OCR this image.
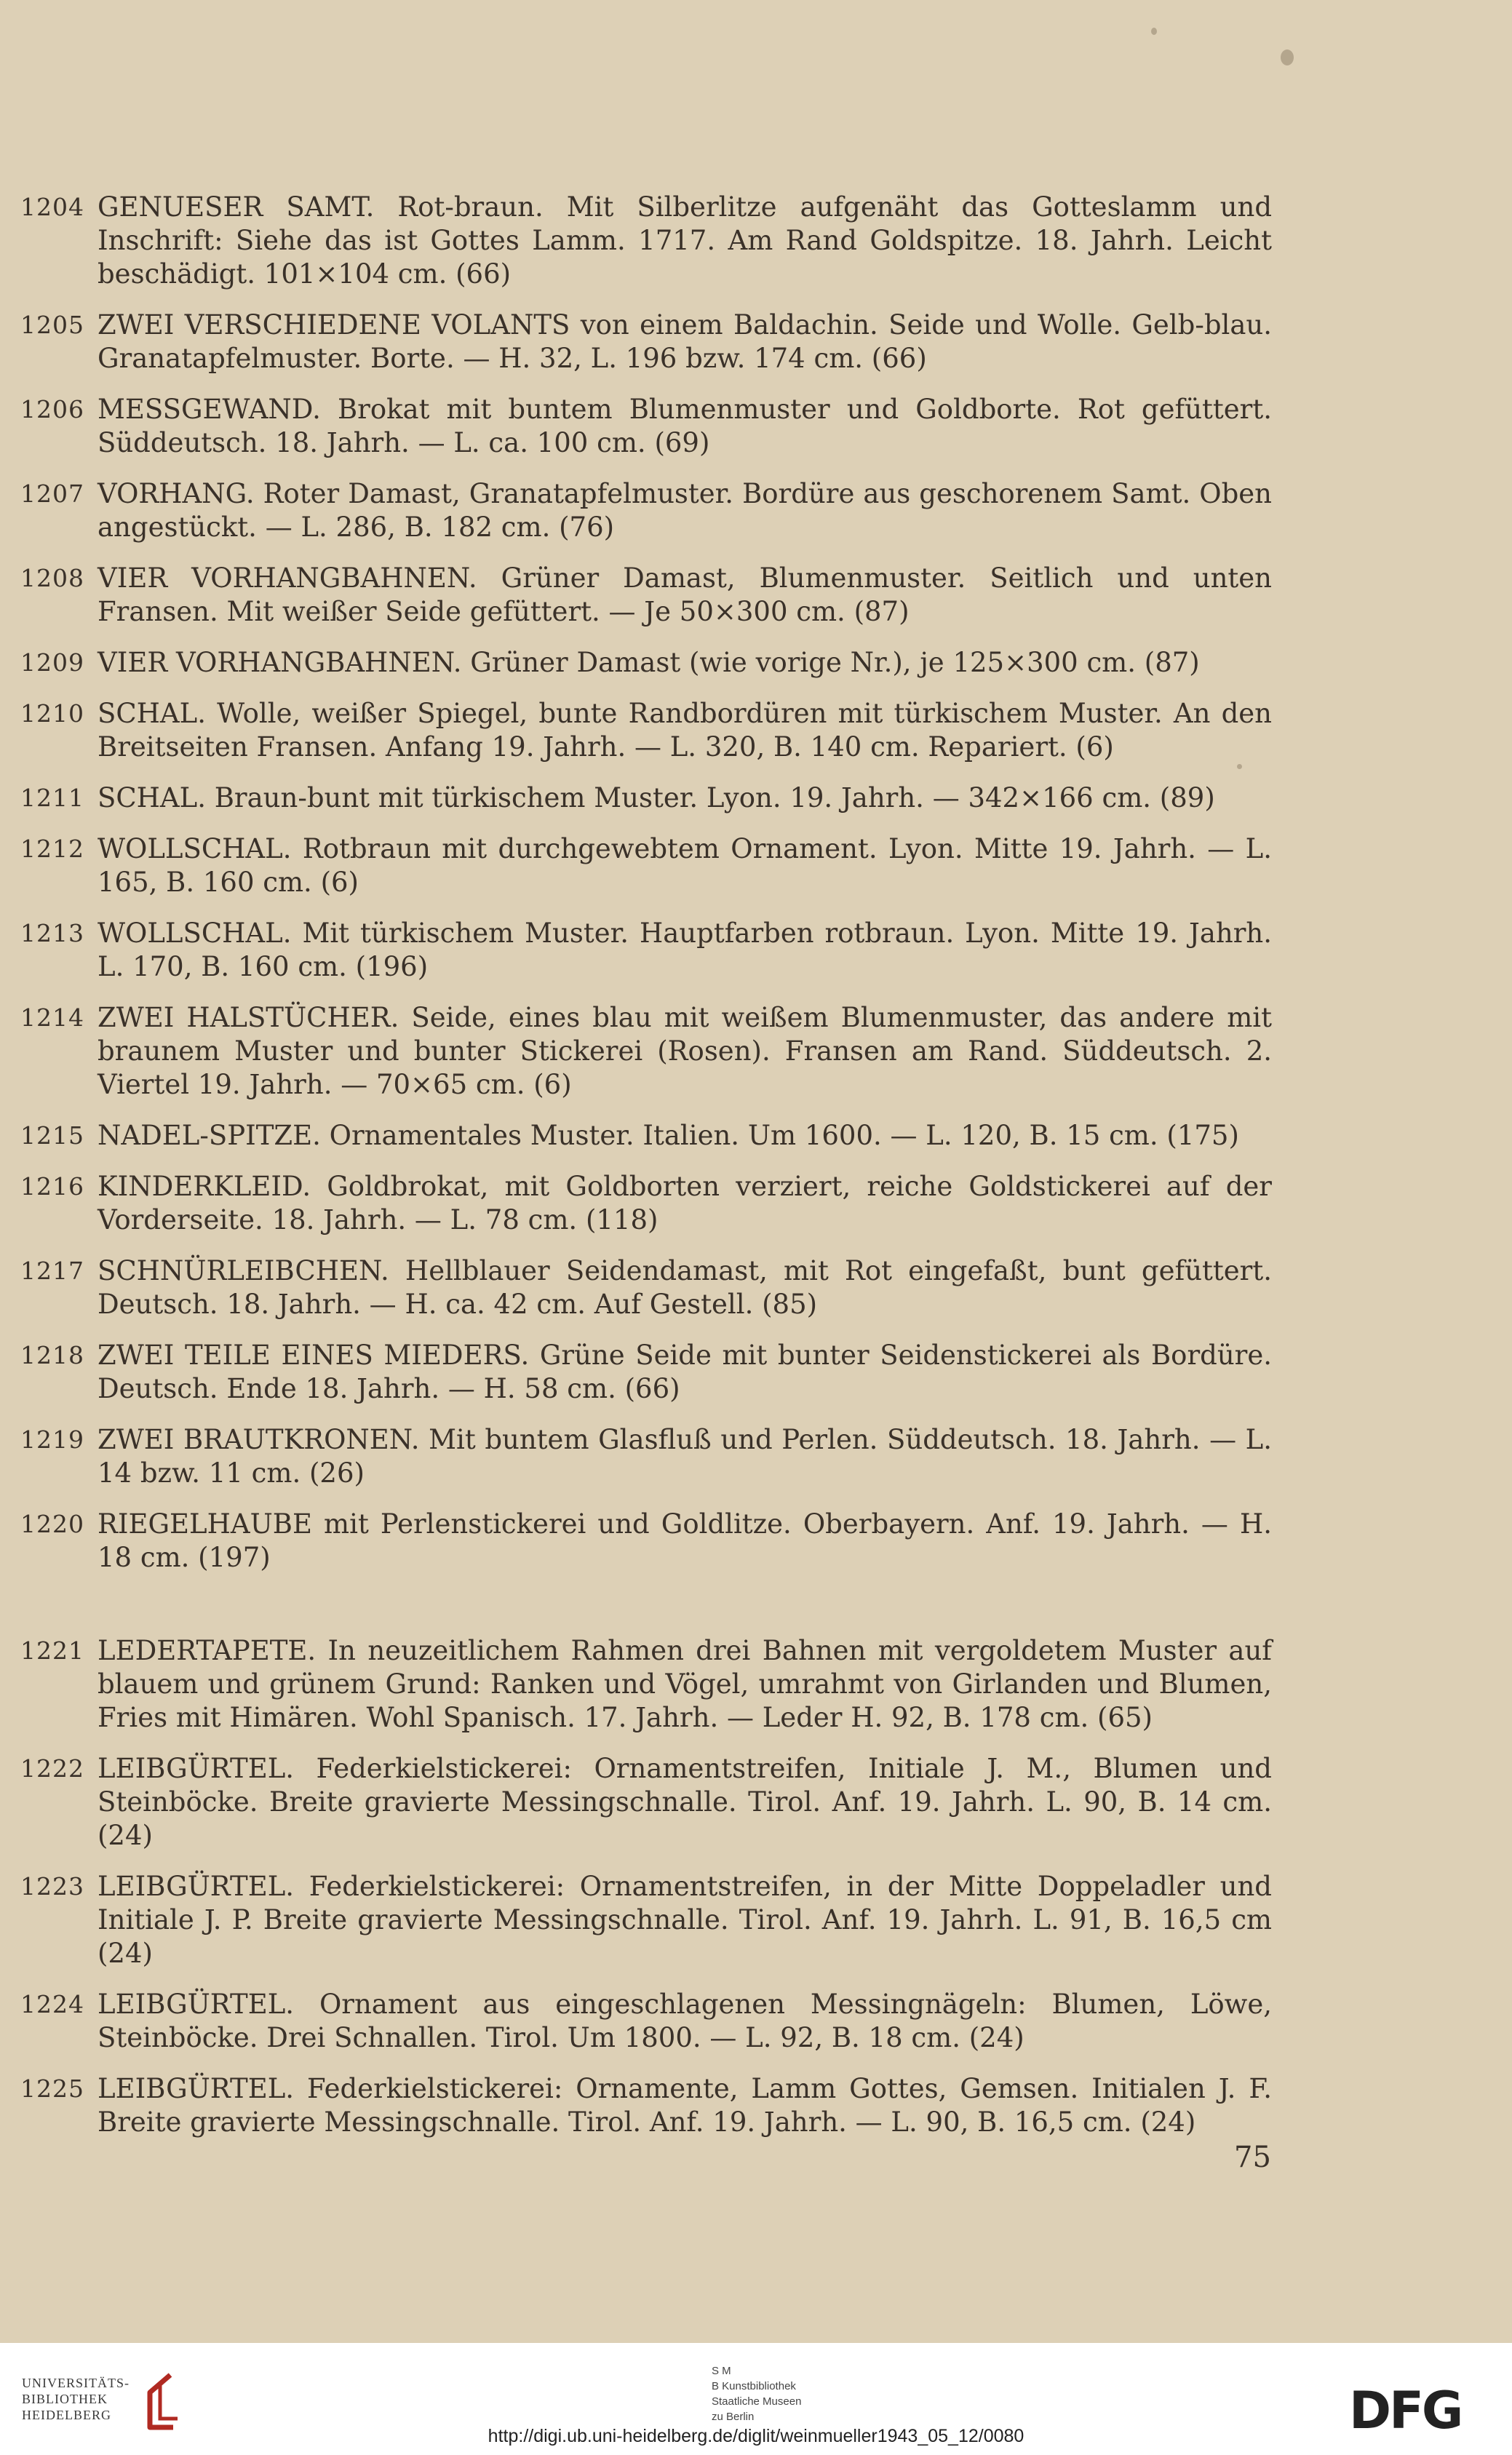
1204 GENUESER SAMT. Rot-braun. Mit Silberlitze aufgenäht das Gotteslamm und Inschrift: Siehe das ist Gottes Lamm. 1717. Am Rand Goldspitze. 18. Jahrh. Leicht beschädigt. 101×104 cm. (66)
1205 ZWEI VERSCHIEDENE VOLANTS von einem Baldachin. Seide und Wolle. Gelb-blau. Granatapfelmuster. Borte. — H. 32, L. 196 bzw. 174 cm. (66)
1206 MESSGEWAND. Brokat mit buntem Blumenmuster und Goldborte. Rot gefüttert. Süddeutsch. 18. Jahrh. — L. ca. 100 cm. (69)
1207 VORHANG. Roter Damast, Granatapfelmuster. Bordüre aus geschorenem Samt. Oben angestückt. — L. 286, B. 182 cm. (76)
1208 VIER VORHANGBAHNEN. Grüner Damast, Blumenmuster. Seitlich und unten Fransen. Mit weißer Seide gefüttert. — Je 50×300 cm. (87)
1209 VIER VORHANGBAHNEN. Grüner Damast (wie vorige Nr.), je 125×300 cm. (87)
1210 SCHAL. Wolle, weißer Spiegel, bunte Randbordüren mit türkischem Muster. An den Breitseiten Fransen. Anfang 19. Jahrh. — L. 320, B. 140 cm. Repariert. (6)
1211 SCHAL. Braun-bunt mit türkischem Muster. Lyon. 19. Jahrh. — 342×166 cm. (89)
1212 WOLLSCHAL. Rotbraun mit durchgewebtem Ornament. Lyon. Mitte 19. Jahrh. — L. 165, B. 160 cm. (6)
1213 WOLLSCHAL. Mit türkischem Muster. Hauptfarben rotbraun. Lyon. Mitte 19. Jahrh. L. 170, B. 160 cm. (196)
1214 ZWEI HALSTÜCHER. Seide, eines blau mit weißem Blumenmuster, das andere mit braunem Muster und bunter Stickerei (Rosen). Fransen am Rand. Süddeutsch. 2. Viertel 19. Jahrh. — 70×65 cm. (6)
1215 NADEL-SPITZE. Ornamentales Muster. Italien. Um 1600. — L. 120, B. 15 cm. (175)
1216 KINDERKLEID. Goldbrokat, mit Goldborten verziert, reiche Goldstickerei auf der Vorderseite. 18. Jahrh. — L. 78 cm. (118)
1217 SCHNÜRLEIBCHEN. Hellblauer Seidendamast, mit Rot eingefaßt, bunt gefüttert. Deutsch. 18. Jahrh. — H. ca. 42 cm. Auf Gestell. (85)
1218 ZWEI TEILE EINES MIEDERS. Grüne Seide mit bunter Seidenstickerei als Bordüre. Deutsch. Ende 18. Jahrh. — H. 58 cm. (66)
1219 ZWEI BRAUTKRONEN. Mit buntem Glasfluß und Perlen. Süddeutsch. 18. Jahrh. — L. 14 bzw. 11 cm. (26)
1220 RIEGELHAUBE mit Perlenstickerei und Goldlitze. Oberbayern. Anf. 19. Jahrh. — H. 18 cm. (197)
1221 LEDERTAPETE. In neuzeitlichem Rahmen drei Bahnen mit vergoldetem Muster auf blauem und grünem Grund: Ranken und Vögel, umrahmt von Girlanden und Blumen, Fries mit Himären. Wohl Spanisch. 17. Jahrh. — Leder H. 92, B. 178 cm. (65)
1222 LEIBGÜRTEL. Federkielstickerei: Ornamentstreifen, Initiale J. M., Blumen und Steinböcke. Breite gravierte Messingschnalle. Tirol. Anf. 19. Jahrh. L. 90, B. 14 cm. (24)
1223 LEIBGÜRTEL. Federkielstickerei: Ornamentstreifen, in der Mitte Doppeladler und Initiale J. P. Breite gravierte Messingschnalle. Tirol. Anf. 19. Jahrh. L. 91, B. 16,5 cm (24)
1224 LEIBGÜRTEL. Ornament aus eingeschlagenen Messingnägeln: Blumen, Löwe, Steinböcke. Drei Schnallen. Tirol. Um 1800. — L. 92, B. 18 cm. (24)
1225 LEIBGÜRTEL. Federkielstickerei: Ornamente, Lamm Gottes, Gemsen. Initialen J. F. Breite gravierte Messingschnalle. Tirol. Anf. 19. Jahrh. — L. 90, B. 16,5 cm. (24)
75
UNIVERSITÄTS-
BIBLIOTHEK
HEIDELBERG
S M
B Kunstbibliothek
Staatliche Museen
zu Berlin	DFG
http://digi.ub.uni-heidelberg.de/diglit/weinmueller1943_05_12/0080
